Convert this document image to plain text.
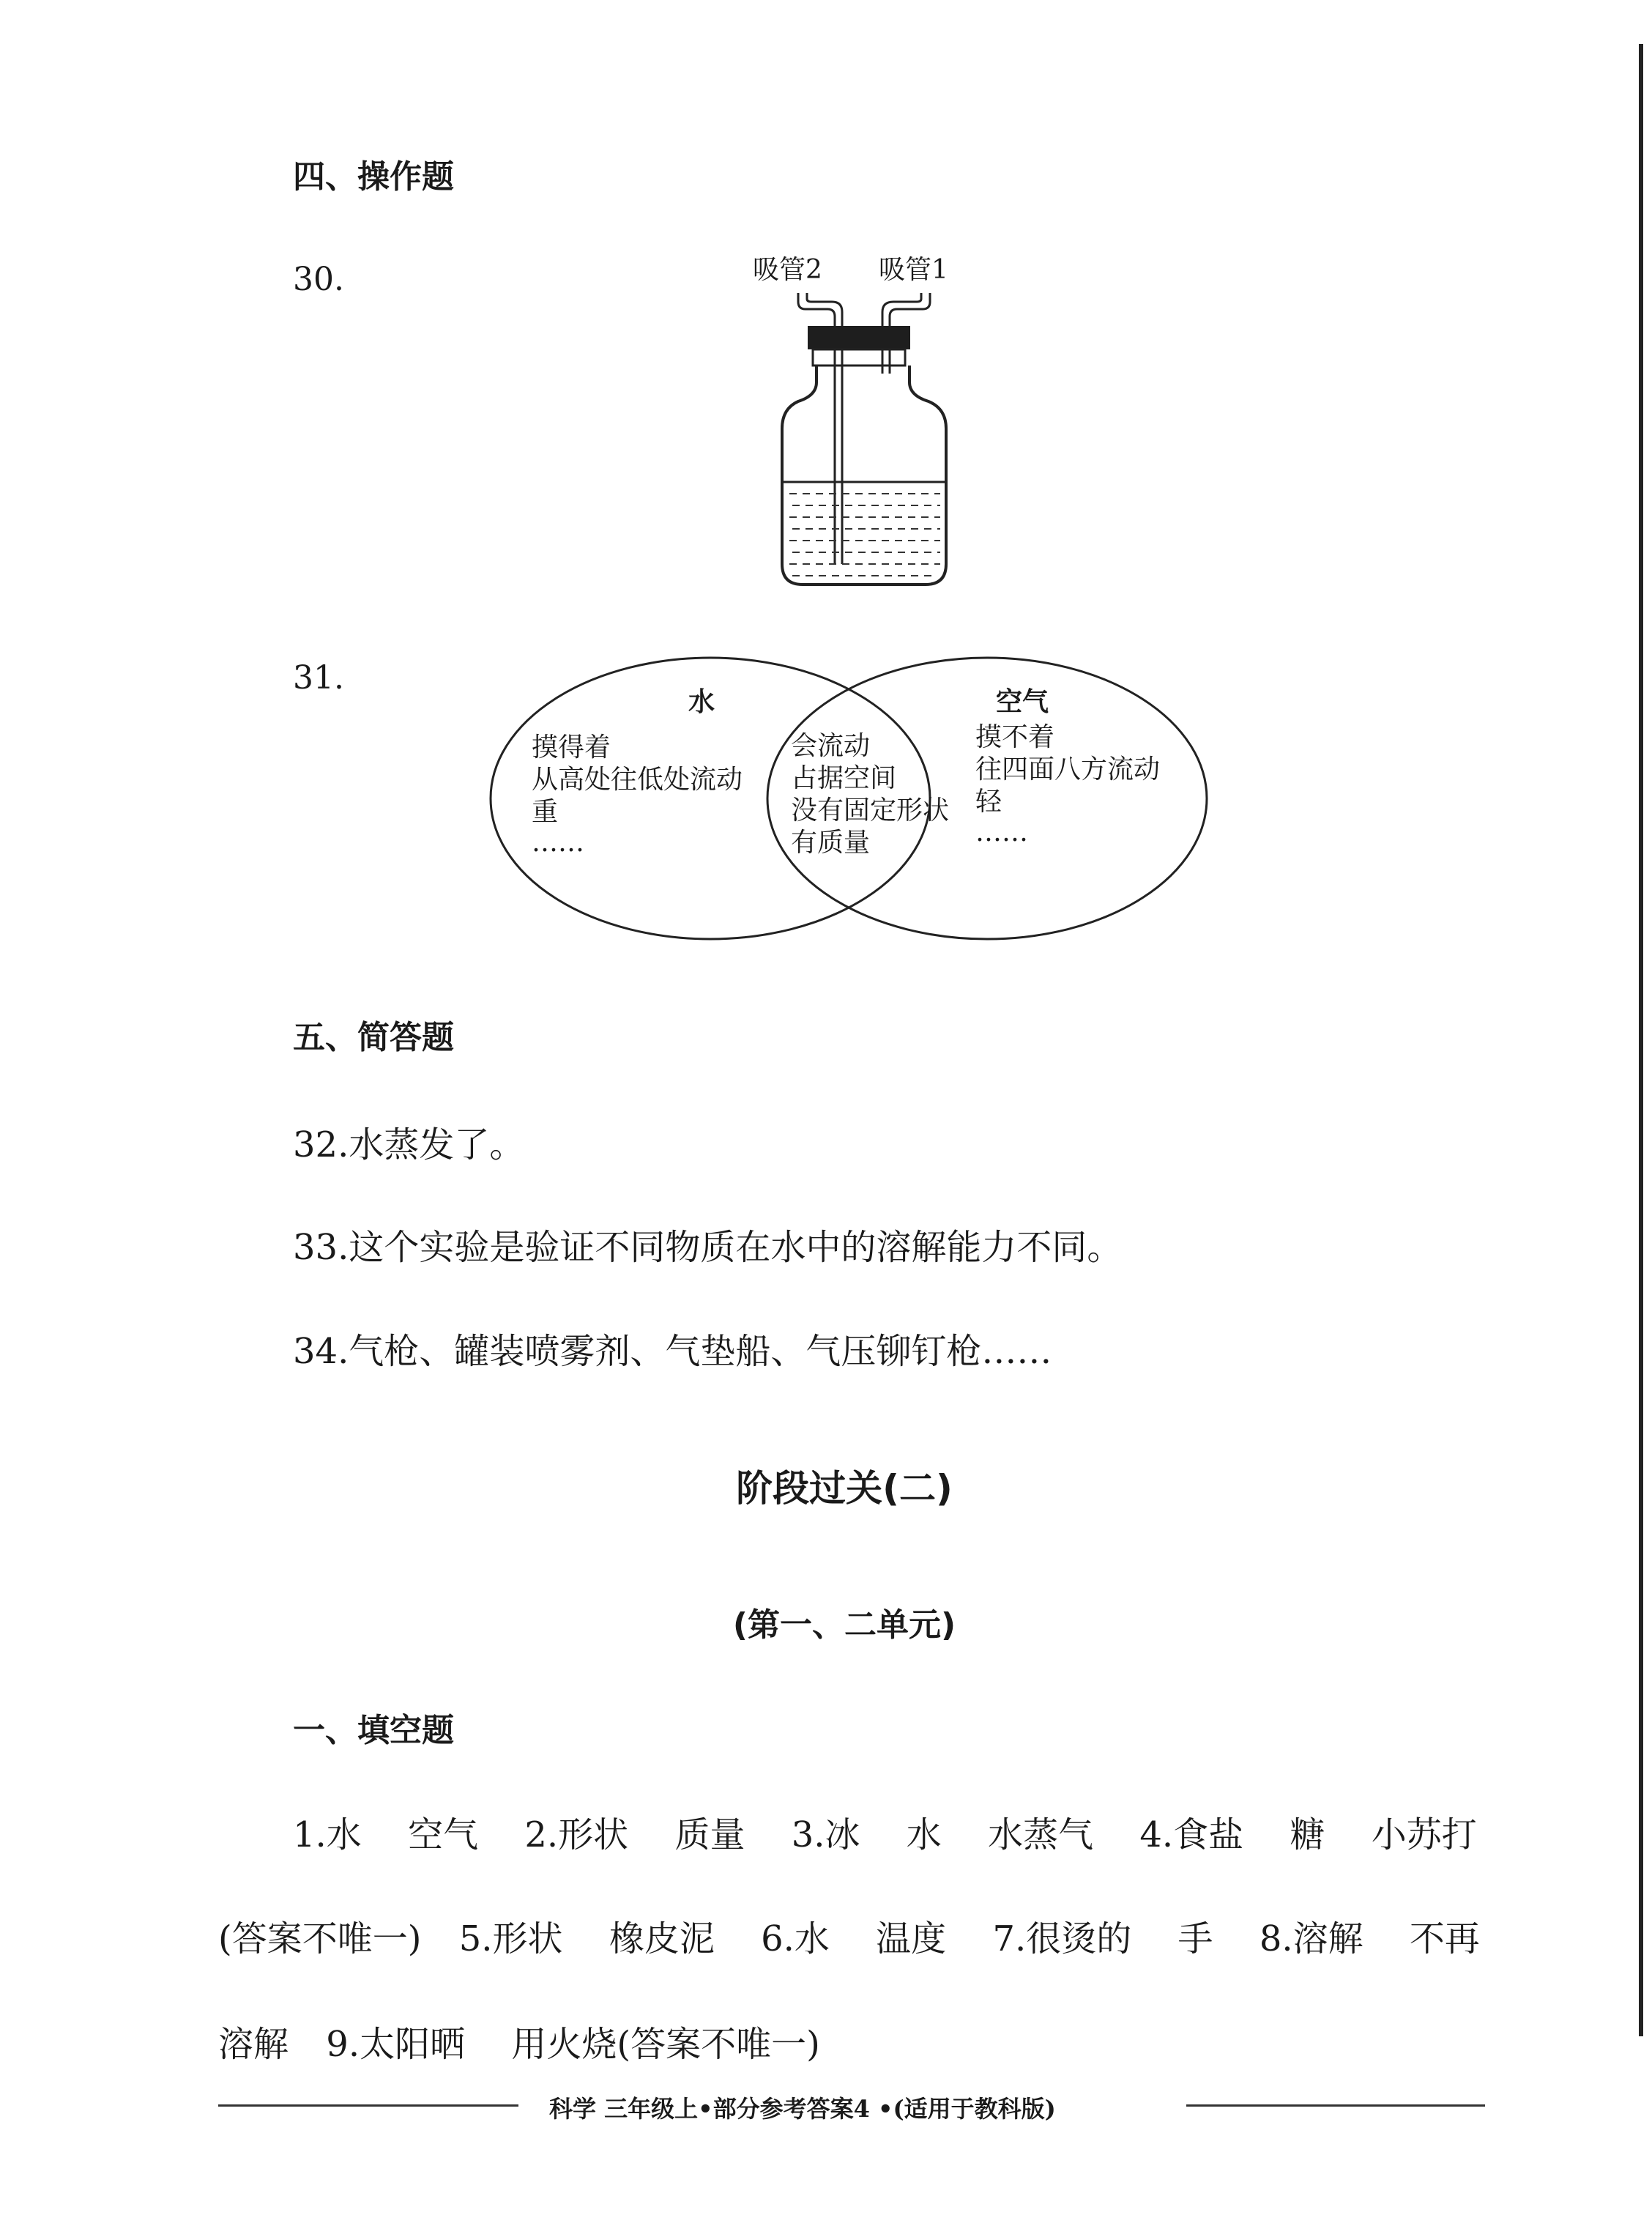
四、操作题
30.	吸管2 吸管1
31.
水
摸得着
从高处往低处流动
重
……
会流动
占据空间
没有固定形状
有质量
空气
摸不着
往四面八方流动
轻
……
五、简答题
32.水蒸发了。
33.这个实验是验证不同物质在水中的溶解能力不同。
34.气枪、罐装喷雾剂、气垫船、气压铆钉枪……
阶段过关(二)
(第一、二单元)
一、填空题
1.水 空气 2.形状 质量 3.冰 水 水蒸气 4.食盐 糖 小苏打
(答案不唯一) 5.形状 橡皮泥 6.水 温度 7.很烫的 手 8.溶解 不再
溶解 9.太阳晒 用火烧(答案不唯一)
科学 三年级上•部分参考答案4 •(适用于教科版)
